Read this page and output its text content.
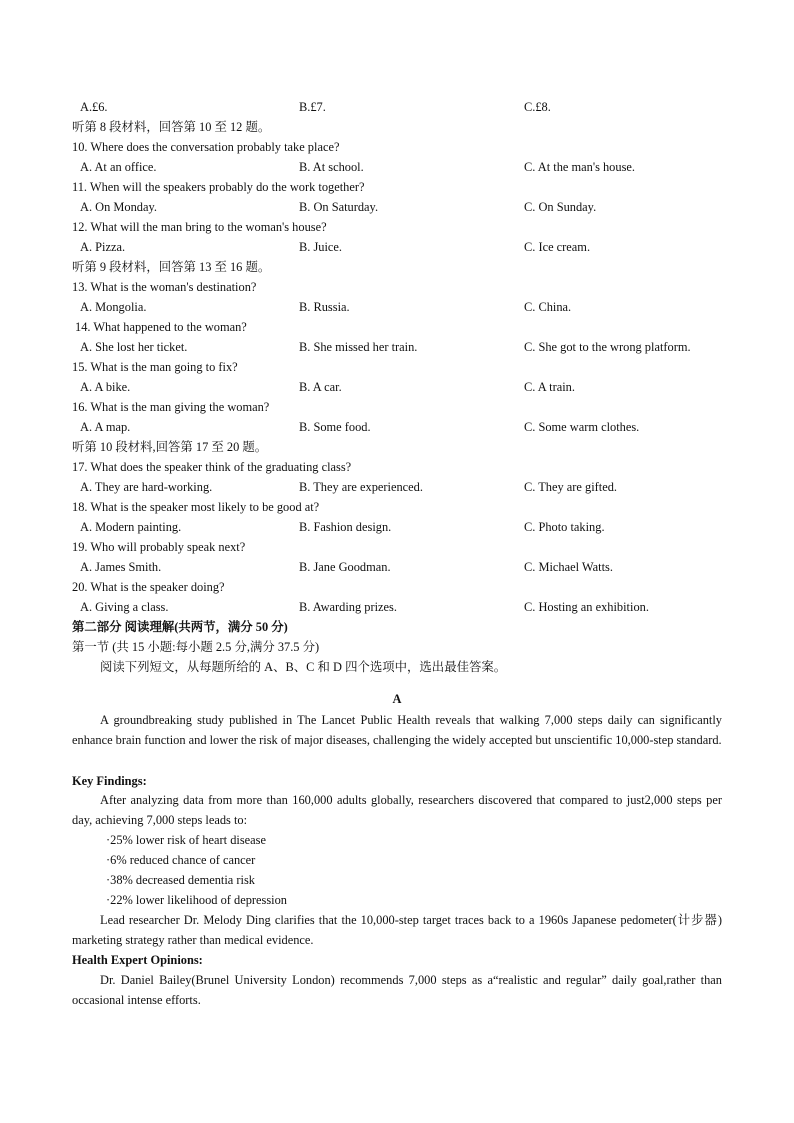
A.£6.	B.£7.	C.£8.
听第 8 段材料，回答第 10 至 12 题。
10. Where does the conversation probably take place?
A. At an office.	B. At school.	C. At the man's house.
11. When will the speakers probably do the work together?
A. On Monday.	B. On Saturday.	C. On Sunday.
12. What will the man bring to the woman's house?
A. Pizza.	B. Juice.	C. Ice cream.
听第 9 段材料，回答第 13 至 16 题。
13. What is the woman's destination?
A. Mongolia.	B. Russia.	C. China.
14. What happened to the woman?
A. She lost her ticket.	B. She missed her train.	C. She got to the wrong platform.
15. What is the man going to fix?
A. A bike.	B. A car.	C. A train.
16. What is the man giving the woman?
A. A map.	B. Some food.	C. Some warm clothes.
听第 10 段材料,回答第 17 至 20 题。
17. What does the speaker think of the graduating class?
A. They are hard-working.	B. They are experienced.	C. They are gifted.
18. What is the speaker most likely to be good at?
A. Modern painting.	B. Fashion design.	C. Photo taking.
19. Who will probably speak next?
A. James Smith.	B. Jane Goodman.	C. Michael Watts.
20. What is the speaker doing?
A. Giving a class.	B. Awarding prizes.	C. Hosting an exhibition.
第二部分 阅读理解(共两节，满分 50 分)
第一节 (共 15 小题:每小题 2.5 分,满分 37.5 分)
阅读下列短文，从每题所给的 A、B、C 和 D 四个选项中，选出最佳答案。
A
A groundbreaking study published in The Lancet Public Health reveals that walking 7,000 steps daily can significantly enhance brain function and lower the risk of major diseases, challenging the widely accepted but unscientific 10,000-step standard.
Key Findings:
After analyzing data from more than 160,000 adults globally, researchers discovered that compared to just2,000 steps per day, achieving 7,000 steps leads to:
·25% lower risk of heart disease
·6% reduced chance of cancer
·38% decreased dementia risk
·22% lower likelihood of depression
Lead researcher Dr. Melody Ding clarifies that the 10,000-step target traces back to a 1960s Japanese pedometer(计步器) marketing strategy rather than medical evidence.
Health Expert Opinions:
Dr. Daniel Bailey(Brunel University London) recommends 7,000 steps as a“realistic and regular” daily goal,rather than occasional intense efforts.
